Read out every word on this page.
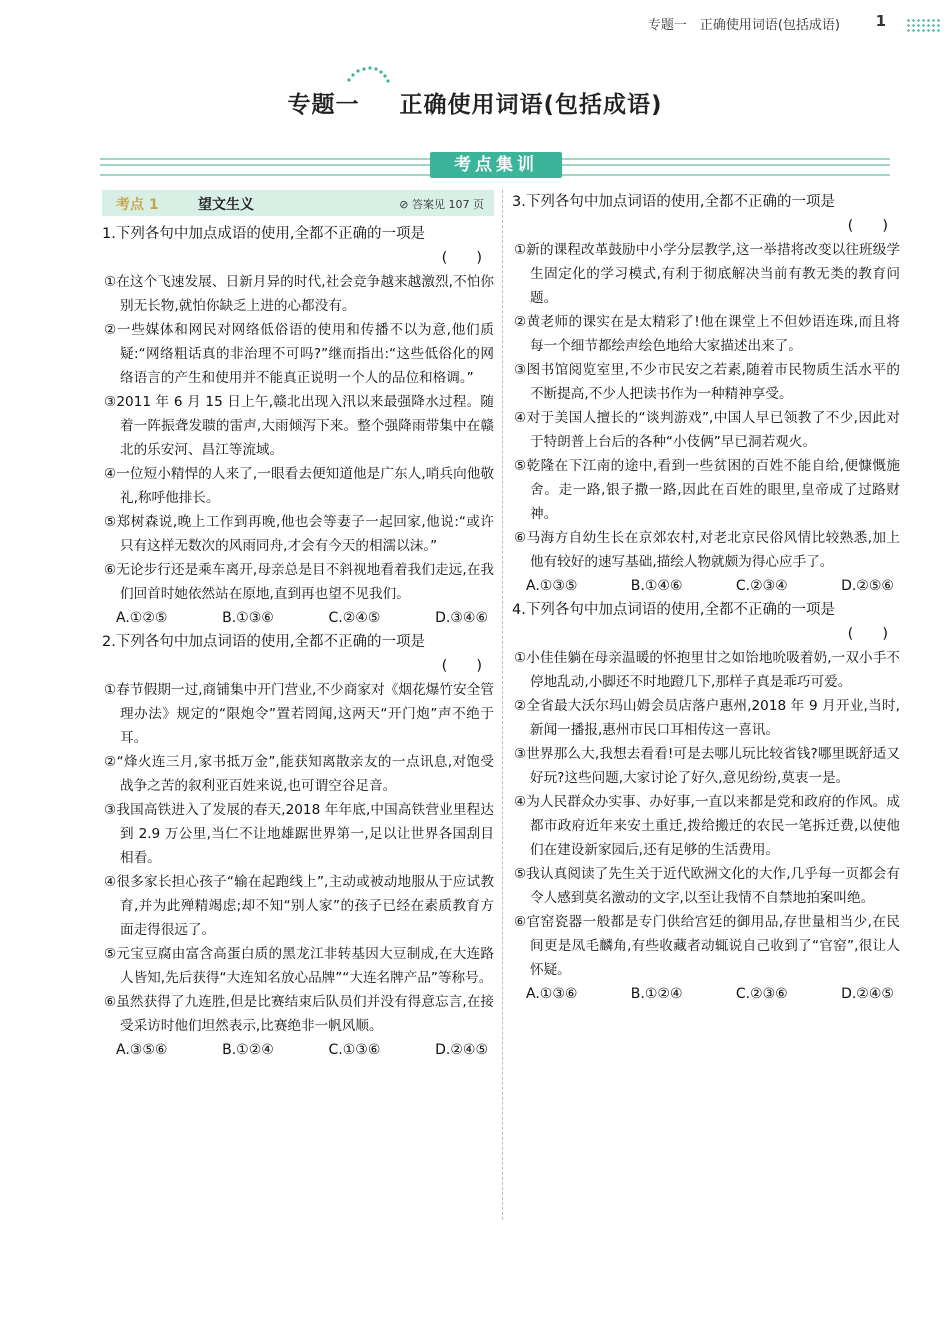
专题一　正确使用词语(包括成语) 1
专题一 正确使用词语(包括成语)
考点集训
考点 1	望文生义	⊘ 答案见 107 页
1.下列各句中加点成语的使用,全都不正确的一项是
(　　)
①在这个飞速发展、日新月异的时代,社会竞争越来越激烈,不怕你别无长物,就怕你缺乏上进的心都没有。
②一些媒体和网民对网络低俗语的使用和传播不以为意,他们质疑:“网络粗话真的非治理不可吗?”继而指出:“这些低俗化的网络语言的产生和使用并不能真正说明一个人的品位和格调。”
③2011 年 6 月 15 日上午,赣北出现入汛以来最强降水过程。随着一阵振聋发聩的雷声,大雨倾泻下来。整个强降雨带集中在赣北的乐安河、昌江等流域。
④一位短小精悍的人来了,一眼看去便知道他是广东人,哨兵向他敬礼,称呼他排长。
⑤郑树森说,晚上工作到再晚,他也会等妻子一起回家,他说:“或许只有这样无数次的风雨同舟,才会有今天的相濡以沫。”
⑥无论步行还是乘车离开,母亲总是目不斜视地看着我们走远,在我们回首时她依然站在原地,直到再也望不见我们。
A.①②⑤	B.①③⑥	C.②④⑤	D.③④⑥
2.下列各句中加点词语的使用,全都不正确的一项是
(　　)
①春节假期一过,商铺集中开门营业,不少商家对《烟花爆竹安全管理办法》规定的“限炮令”置若罔闻,这两天“开门炮”声不绝于耳。
②“烽火连三月,家书抵万金”,能获知离散亲友的一点讯息,对饱受战争之苦的叙利亚百姓来说,也可谓空谷足音。
③我国高铁进入了发展的春天,2018 年年底,中国高铁营业里程达到 2.9 万公里,当仁不让地雄踞世界第一,足以让世界各国刮目相看。
④很多家长担心孩子“输在起跑线上”,主动或被动地服从于应试教育,并为此殚精竭虑;却不知“别人家”的孩子已经在素质教育方面走得很远了。
⑤元宝豆腐由富含高蛋白质的黑龙江非转基因大豆制成,在大连路人皆知,先后获得“大连知名放心品牌”“大连名牌产品”等称号。
⑥虽然获得了九连胜,但是比赛结束后队员们并没有得意忘言,在接受采访时他们坦然表示,比赛绝非一帆风顺。
A.③⑤⑥	B.①②④	C.①③⑥	D.②④⑤
3.下列各句中加点词语的使用,全都不正确的一项是
(　　)
①新的课程改革鼓励中小学分层教学,这一举措将改变以往班级学生固定化的学习模式,有利于彻底解决当前有教无类的教育问题。
②黄老师的课实在是太精彩了!他在课堂上不但妙语连珠,而且将每一个细节都绘声绘色地给大家描述出来了。
③图书馆阅览室里,不少市民安之若素,随着市民物质生活水平的不断提高,不少人把读书作为一种精神享受。
④对于美国人擅长的“谈判游戏”,中国人早已领教了不少,因此对于特朗普上台后的各种“小伎俩”早已洞若观火。
⑤乾隆在下江南的途中,看到一些贫困的百姓不能自给,便慷慨施舍。走一路,银子撒一路,因此在百姓的眼里,皇帝成了过路财神。
⑥马海方自幼生长在京郊农村,对老北京民俗风情比较熟悉,加上他有较好的速写基础,描绘人物就颇为得心应手了。
A.①③⑤	B.①④⑥	C.②③④	D.②⑤⑥
4.下列各句中加点词语的使用,全都不正确的一项是
(　　)
①小佳佳躺在母亲温暖的怀抱里甘之如饴地吮吸着奶,一双小手不停地乱动,小脚还不时地蹬几下,那样子真是乖巧可爱。
②全省最大沃尔玛山姆会员店落户惠州,2018 年 9 月开业,当时,新闻一播报,惠州市民口耳相传这一喜讯。
③世界那么大,我想去看看!可是去哪儿玩比较省钱?哪里既舒适又好玩?这些问题,大家讨论了好久,意见纷纷,莫衷一是。
④为人民群众办实事、办好事,一直以来都是党和政府的作风。成都市政府近年来安土重迁,拨给搬迁的农民一笔拆迁费,以使他们在建设新家园后,还有足够的生活费用。
⑤我认真阅读了先生关于近代欧洲文化的大作,几乎每一页都会有令人感到莫名激动的文字,以至让我情不自禁地拍案叫绝。
⑥官窑瓷器一般都是专门供给宫廷的御用品,存世量相当少,在民间更是凤毛麟角,有些收藏者动辄说自己收到了“官窑”,很让人怀疑。
A.①③⑥	B.①②④	C.②③⑥	D.②④⑤
